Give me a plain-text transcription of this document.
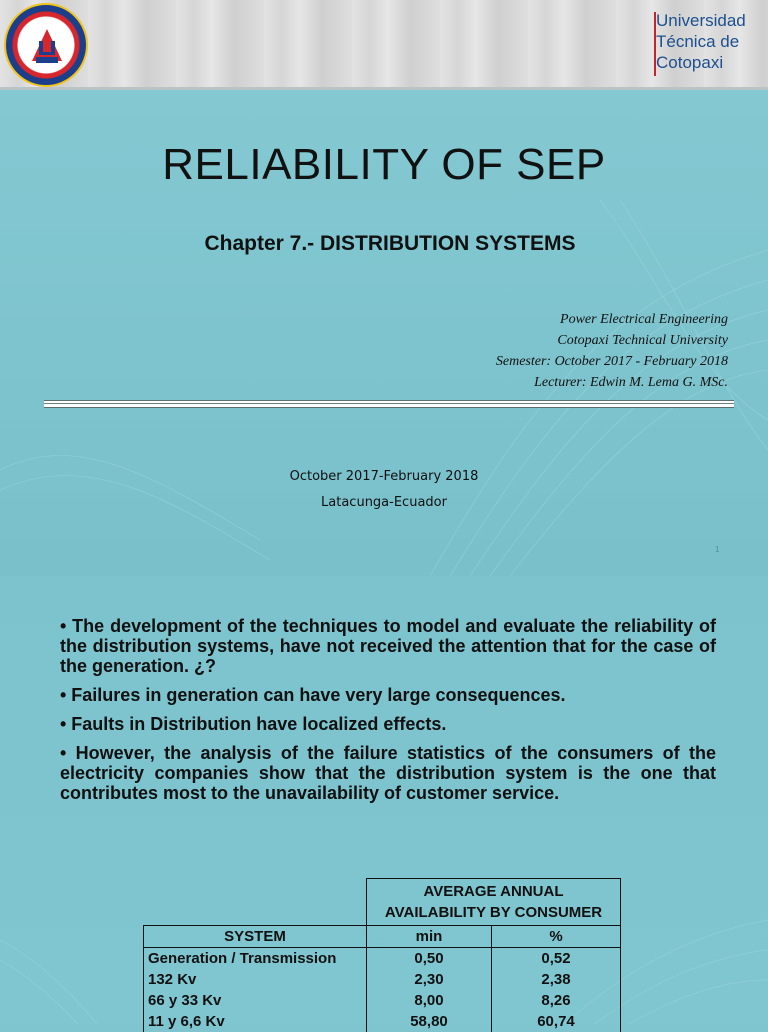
Universidad
Técnica de
Cotopaxi
RELIABILITY OF SEP
Chapter 7.- DISTRIBUTION SYSTEMS
Power Electrical Engineering
Cotopaxi Technical University
Semester: October 2017 - February 2018
Lecturer: Edwin M. Lema G. MSc.
October 2017-February 2018
Latacunga-Ecuador
1

• The development of the techniques to model and evaluate the reliability of the distribution systems, have not received the attention that for the case of the generation. ¿?

• Failures in generation can have very large consequences.

• Faults in Distribution have localized effects.

• However, the analysis of the failure statistics of the consumers of the electricity companies show that the distribution system is the one that contributes most to the unavailability of customer service.

	AVERAGE ANNUAL
AVAILABILITY BY CONSUMER	

SYSTEM	min	%
Generation / Transmission	0,50	0,52
132 Kv	2,30	2,38
66 y 33 Kv	8,00	8,26
11 y 6,6 Kv	58,80	60,74
